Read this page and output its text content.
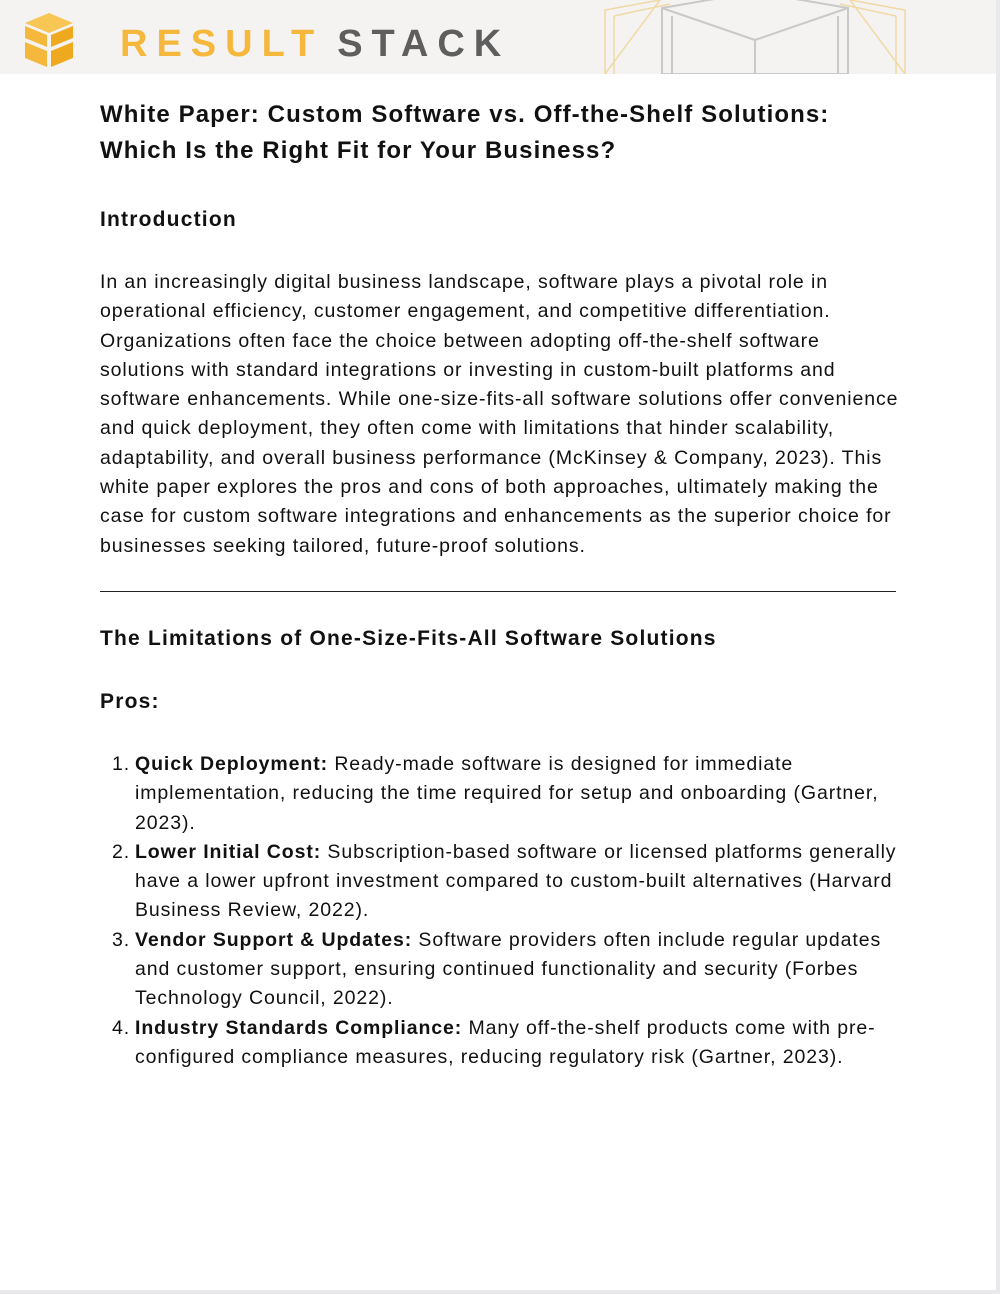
RESULT STACK
White Paper: Custom Software vs. Off-the-Shelf Solutions: Which Is the Right Fit for Your Business?
Introduction

In an increasingly digital business landscape, software plays a pivotal role in operational efficiency, customer engagement, and competitive differentiation. Organizations often face the choice between adopting off-the-shelf software solutions with standard integrations or investing in custom-built platforms and software enhancements. While one-size-fits-all software solutions offer convenience and quick deployment, they often come with limitations that hinder scalability, adaptability, and overall business performance (McKinsey & Company, 2023). This white paper explores the pros and cons of both approaches, ultimately making the case for custom software integrations and enhancements as the superior choice for businesses seeking tailored, future-proof solutions.

The Limitations of One-Size-Fits-All Software Solutions
Pros:
1. Quick Deployment: Ready-made software is designed for immediate implementation, reducing the time required for setup and onboarding (Gartner, 2023).
2. Lower Initial Cost: Subscription-based software or licensed platforms generally have a lower upfront investment compared to custom-built alternatives (Harvard Business Review, 2022).
3. Vendor Support & Updates: Software providers often include regular updates and customer support, ensuring continued functionality and security (Forbes Technology Council, 2022).
4. Industry Standards Compliance: Many off-the-shelf products come with pre-configured compliance measures, reducing regulatory risk (Gartner, 2023).
